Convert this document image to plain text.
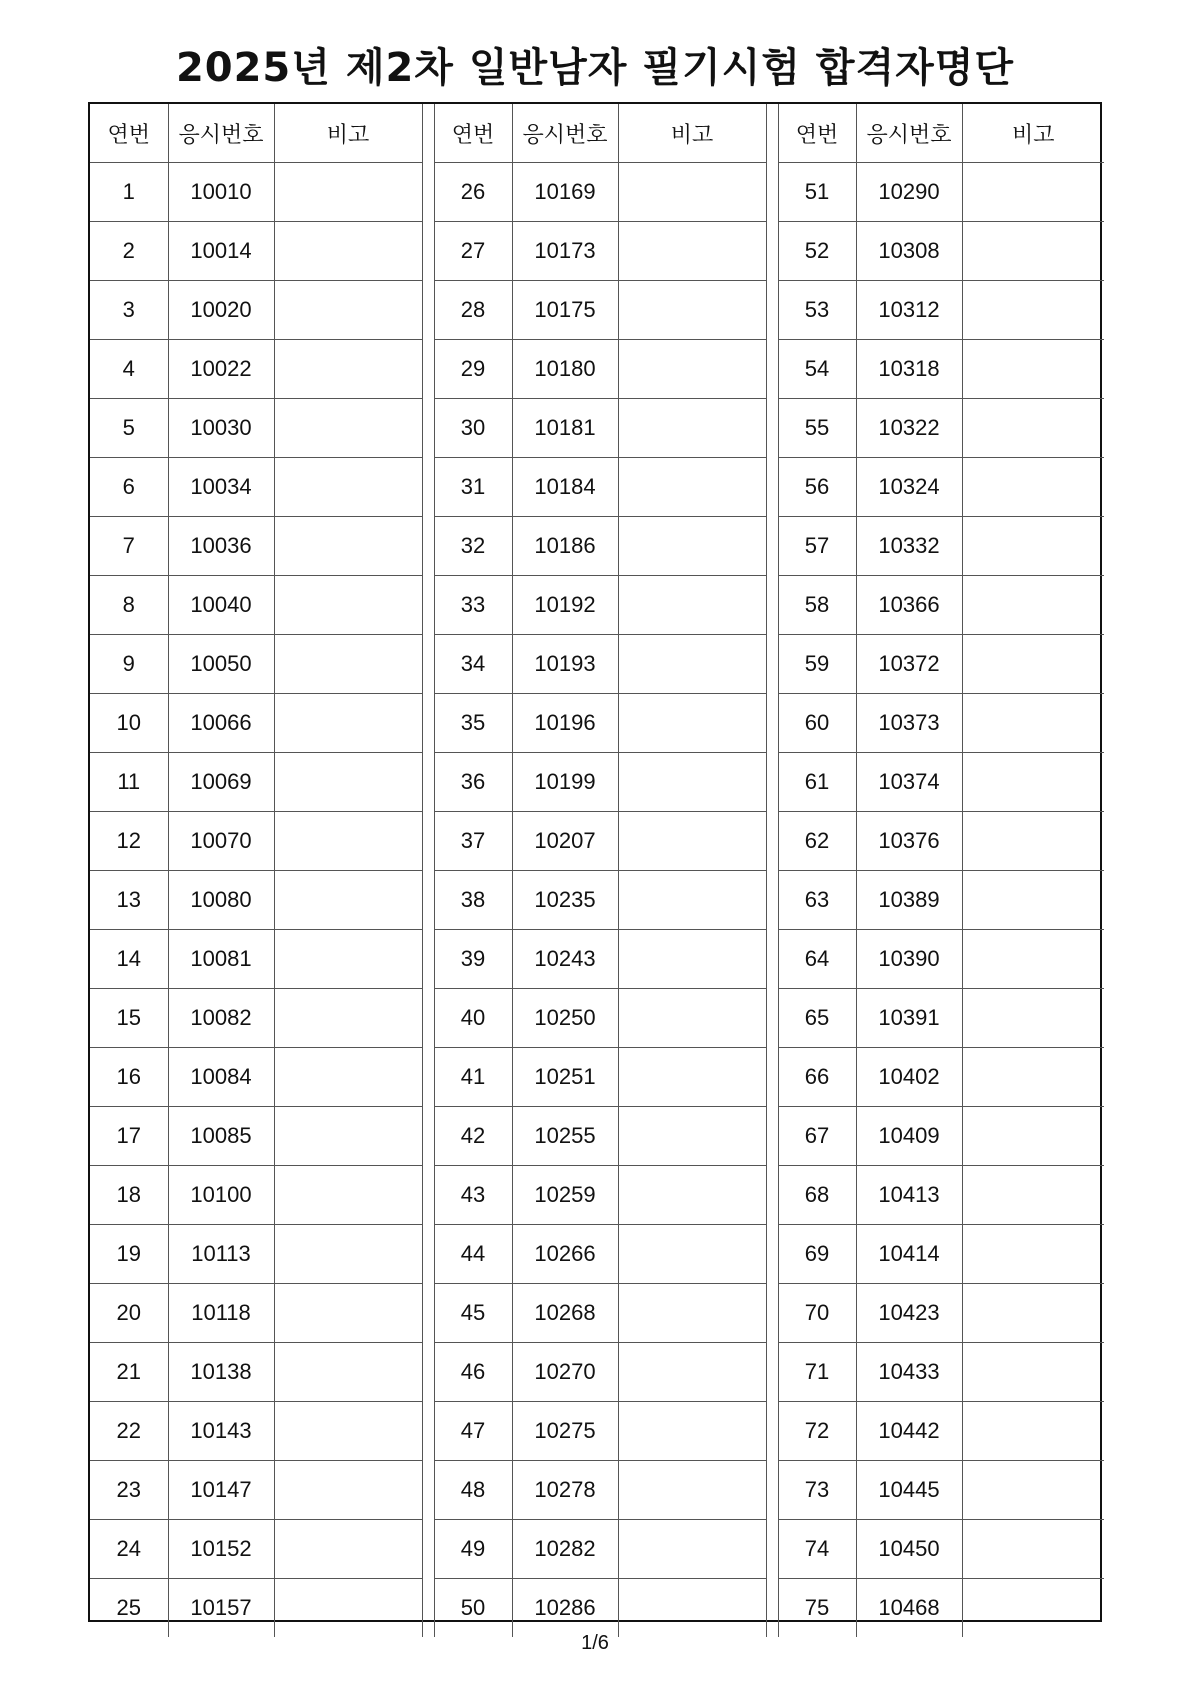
2025년 제2차 일반남자 필기시험 합격자명단
연번	응시번호	비고		연번	응시번호	비고		연번	응시번호	비고
1	10010			26	10169			51	10290	
2	10014			27	10173			52	10308	
3	10020			28	10175			53	10312	
4	10022			29	10180			54	10318	
5	10030			30	10181			55	10322	
6	10034			31	10184			56	10324	
7	10036			32	10186			57	10332	
8	10040			33	10192			58	10366	
9	10050			34	10193			59	10372	
10	10066			35	10196			60	10373	
11	10069			36	10199			61	10374	
12	10070			37	10207			62	10376	
13	10080			38	10235			63	10389	
14	10081			39	10243			64	10390	
15	10082			40	10250			65	10391	
16	10084			41	10251			66	10402	
17	10085			42	10255			67	10409	
18	10100			43	10259			68	10413	
19	10113			44	10266			69	10414	
20	10118			45	10268			70	10423	
21	10138			46	10270			71	10433	
22	10143			47	10275			72	10442	
23	10147			48	10278			73	10445	
24	10152			49	10282			74	10450	
25	10157			50	10286			75	10468	
1/6
